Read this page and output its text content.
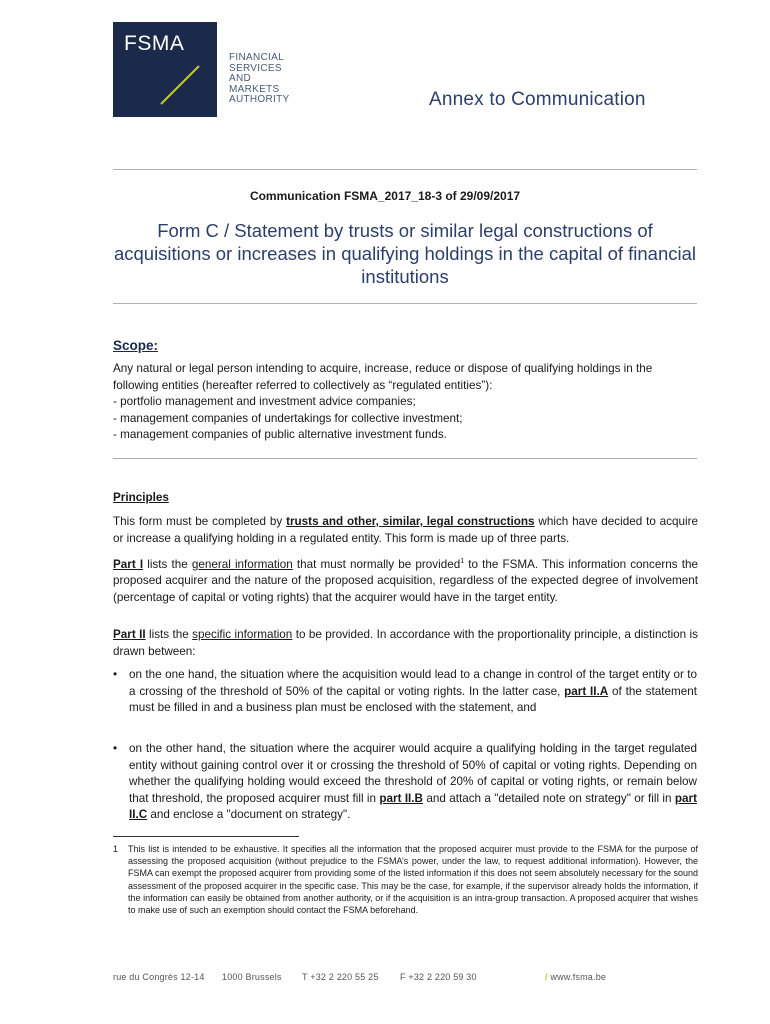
FSMA
FINANCIAL
SERVICES
AND
MARKETS
AUTHORITY	Annex to Communication
Communication FSMA_2017_18-3 of 29/09/2017
Form C / Statement by trusts or similar legal constructions of acquisitions or increases in qualifying holdings in the capital of financial institutions
Scope:
Any natural or legal person intending to acquire, increase, reduce or dispose of qualifying holdings in the following entities (hereafter referred to collectively as “regulated entities”):
- portfolio management and investment advice companies;
- management companies of undertakings for collective investment;
- management companies of public alternative investment funds.
Principles
This form must be completed by trusts and other, similar, legal constructions which have decided to acquire or increase a qualifying holding in a regulated entity. This form is made up of three parts.
Part I lists the general information that must normally be provided$^1$ to the FSMA. This information concerns the proposed acquirer and the nature of the proposed acquisition, regardless of the expected degree of involvement (percentage of capital or voting rights) that the acquirer would have in the target entity.
Part II lists the specific information to be provided. In accordance with the proportionality principle, a distinction is drawn between:
•	on the one hand, the situation where the acquisition would lead to a change in control of the target entity or to a crossing of the threshold of 50% of the capital or voting rights. In the latter case, part II.A of the statement must be filled in and a business plan must be enclosed with the statement, and
•	on the other hand, the situation where the acquirer would acquire a qualifying holding in the target regulated entity without gaining control over it or crossing the threshold of 50% of capital or voting rights. Depending on whether the qualifying holding would exceed the threshold of 20% of capital or voting rights, or remain below that threshold, the proposed acquirer must fill in part II.B and attach a "detailed note on strategy" or fill in part II.C and enclose a "document on strategy".
1 This list is intended to be exhaustive. It specifies all the information that the proposed acquirer must provide to the FSMA for the purpose of assessing the proposed acquisition (without prejudice to the FSMA’s power, under the law, to request additional information). However, the FSMA can exempt the proposed acquirer from providing some of the listed information if this does not seem absolutely necessary for the sound assessment of the proposed acquirer in the specific case. This may be the case, for example, if the supervisor already holds the information, if the information can easily be obtained from another authority, or if the acquisition is an intra-group transaction. A proposed acquirer that wishes to make use of such an exemption should contact the FSMA beforehand.
rue du Congrès 12-14 1000 Brussels T +32 2 220 55 25 F +32 2 220 59 30	/ www.fsma.be
